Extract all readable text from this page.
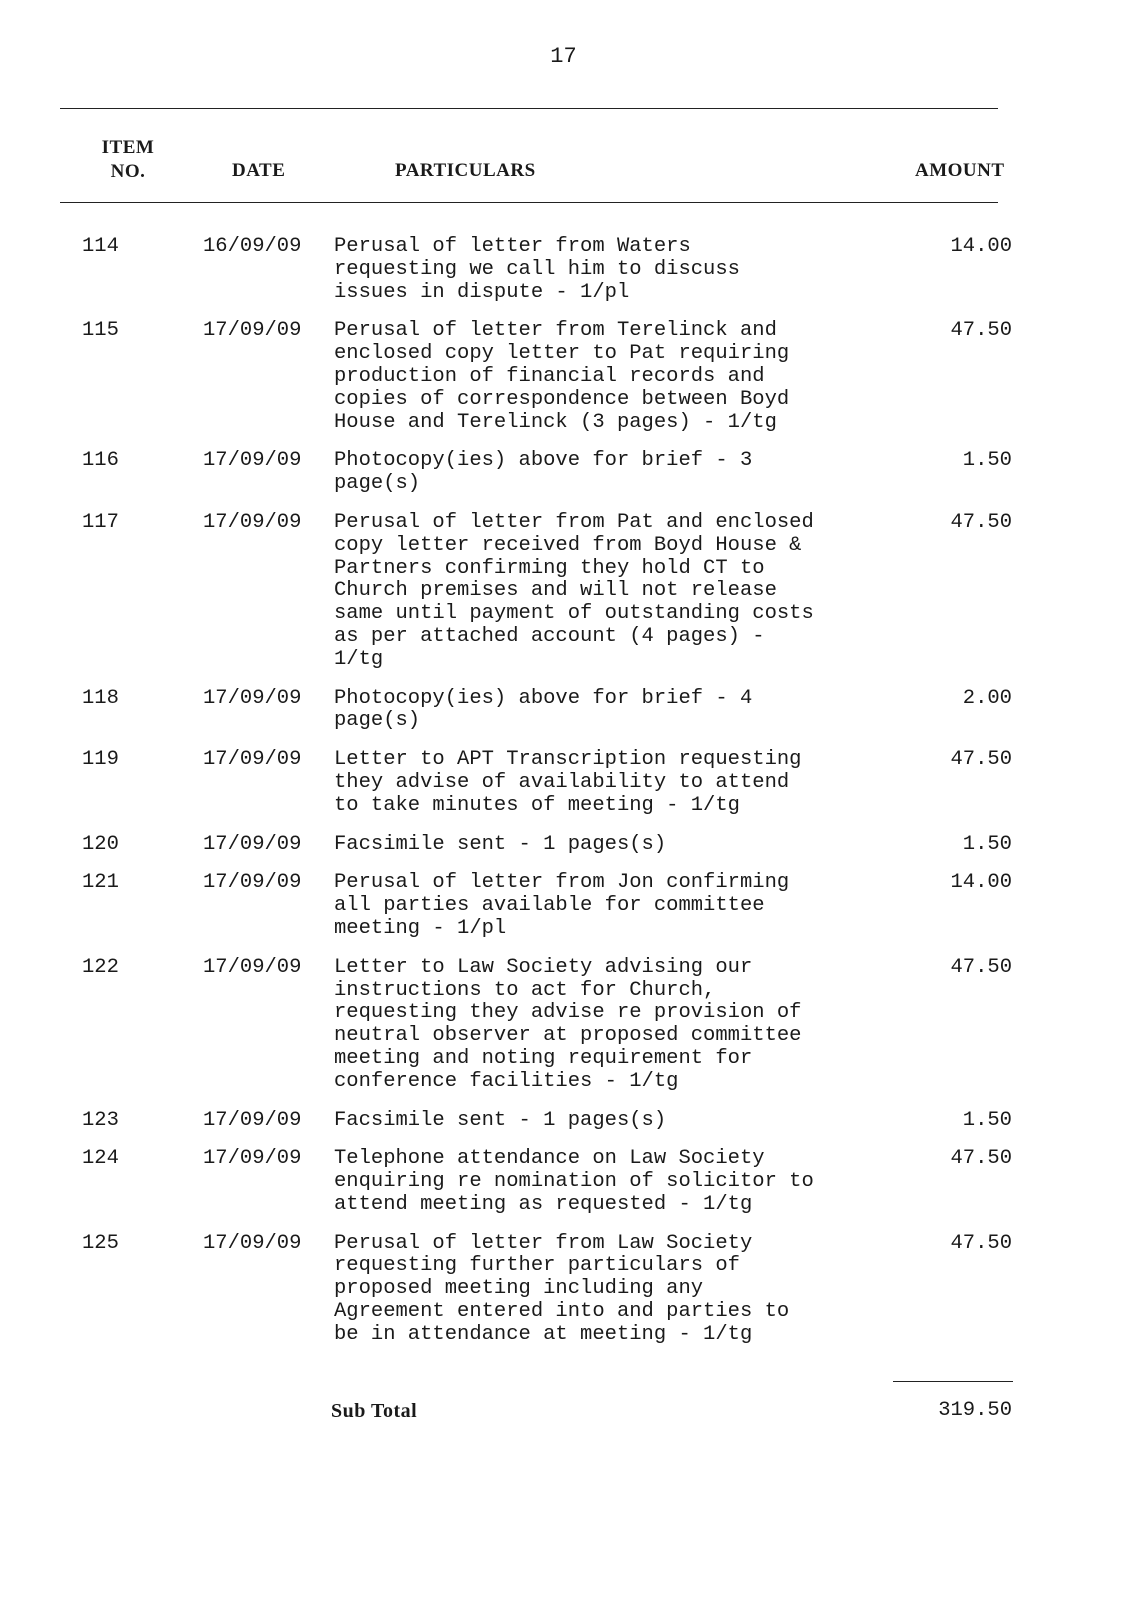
17
ITEM
NO.	DATE	PARTICULARS	AMOUNT
114	16/09/09 Perusal of letter from Waters
requesting we call him to discuss
issues in dispute - 1/pl
14.00
115	17/09/09 Perusal of letter from Terelinck and
enclosed copy letter to Pat requiring
production of financial records and
copies of correspondence between Boyd
House and Terelinck (3 pages) - 1/tg
47.50
116	17/09/09 Photocopy(ies) above for brief - 3
page(s)
1.50
117	17/09/09 Perusal of letter from Pat and enclosed
copy letter received from Boyd House &
Partners confirming they hold CT to
Church premises and will not release
same until payment of outstanding costs
as per attached account (4 pages) -
1/tg
47.50
118	17/09/09 Photocopy(ies) above for brief - 4
page(s)
2.00
119	17/09/09 Letter to APT Transcription requesting
they advise of availability to attend
to take minutes of meeting - 1/tg
47.50
120	17/09/09 Facsimile sent - 1 pages(s)	1.50
121	17/09/09 Perusal of letter from Jon confirming
all parties available for committee
meeting - 1/pl
14.00
122	17/09/09 Letter to Law Society advising our
instructions to act for Church,
requesting they advise re provision of
neutral observer at proposed committee
meeting and noting requirement for
conference facilities - 1/tg
47.50
123	17/09/09 Facsimile sent - 1 pages(s)	1.50
124	17/09/09 Telephone attendance on Law Society
enquiring re nomination of solicitor to
attend meeting as requested - 1/tg
47.50
125	17/09/09 Perusal of letter from Law Society
requesting further particulars of
proposed meeting including any
Agreement entered into and parties to
be in attendance at meeting - 1/tg
47.50
Sub Total	319.50
